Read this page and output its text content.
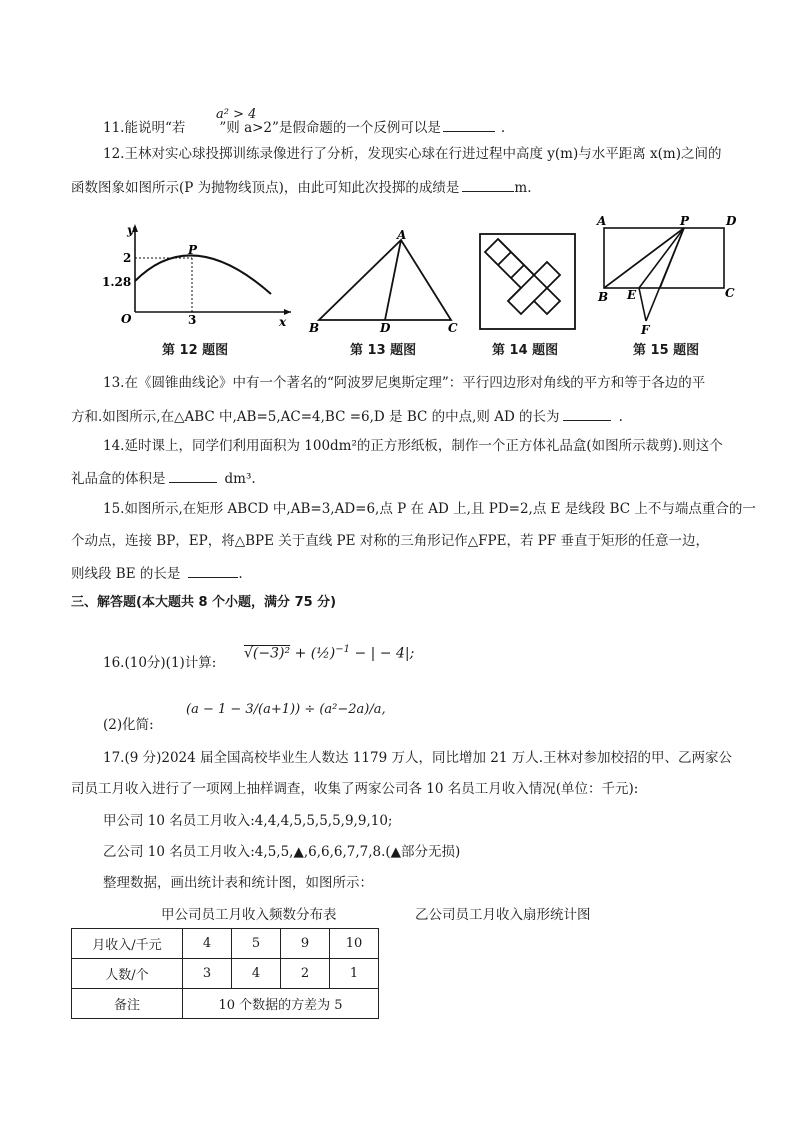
11.能说明“若	”则 a>2”是假命题的一个反例可以是	.
a² > 4
12.王林对实心球投掷训练录像进行了分析，发现实心球在行进过程中高度 y(m)与水平距离 x(m)之间的
函数图象如图所示(P 为抛物线顶点)，由此可知此次投掷的成绩是	m.
y
x
O
P
2
1.28
3
第 12 题图
A
B	C
D
第 13 题图	第 14 题图
A	P	D
B E	C
F
第 15 题图
13.在《圆锥曲线论》中有一个著名的“阿波罗尼奥斯定理”：平行四边形对角线的平方和等于各边的平
方和.如图所示,在△ABC 中,AB=5,AC=4,BC =6,D 是 BC 的中点,则 AD 的长为	.
14.延时课上，同学们利用面积为 100dm²的正方形纸板，制作一个正方体礼品盒(如图所示裁剪).则这个
礼品盒的体积是	dm³.
15.如图所示,在矩形 ABCD 中,AB=3,AD=6,点 P 在 AD 上,且 PD=2,点 E 是线段 BC 上不与端点重合的一
个动点，连接 BP，EP，将△BPE 关于直线 PE 对称的三角形记作△FPE，若 PF 垂直于矩形的任意一边，
则线段 BE 的长是	.
三、解答题(本大题共 8 个小题，满分 75 分)
16.(10分)(1)计算:
√(−3)² + (½)$^{-1}$ − | − 4|;
(2)化简:
(a − 1 − 3/(a+1)) ÷ (a²−2a)/a,
17.(9 分)2024 届全国高校毕业生人数达 1179 万人，同比增加 21 万人.王林对参加校招的甲、乙两家公
司员工月收入进行了一项网上抽样调查，收集了两家公司各 10 名员工月收入情况(单位：千元):
甲公司 10 名员工月收入:4,4,4,5,5,5,5,9,9,10;
乙公司 10 名员工月收入:4,5,5,▲,6,6,6,7,7,8.(▲部分无损)
整理数据，画出统计表和统计图，如图所示：
甲公司员工月收入频数分布表	乙公司员工月收入扇形统计图
月收入/千元	4	5	9	10
人数/个	3	4	2	1
备注	10 个数据的方差为 5			
